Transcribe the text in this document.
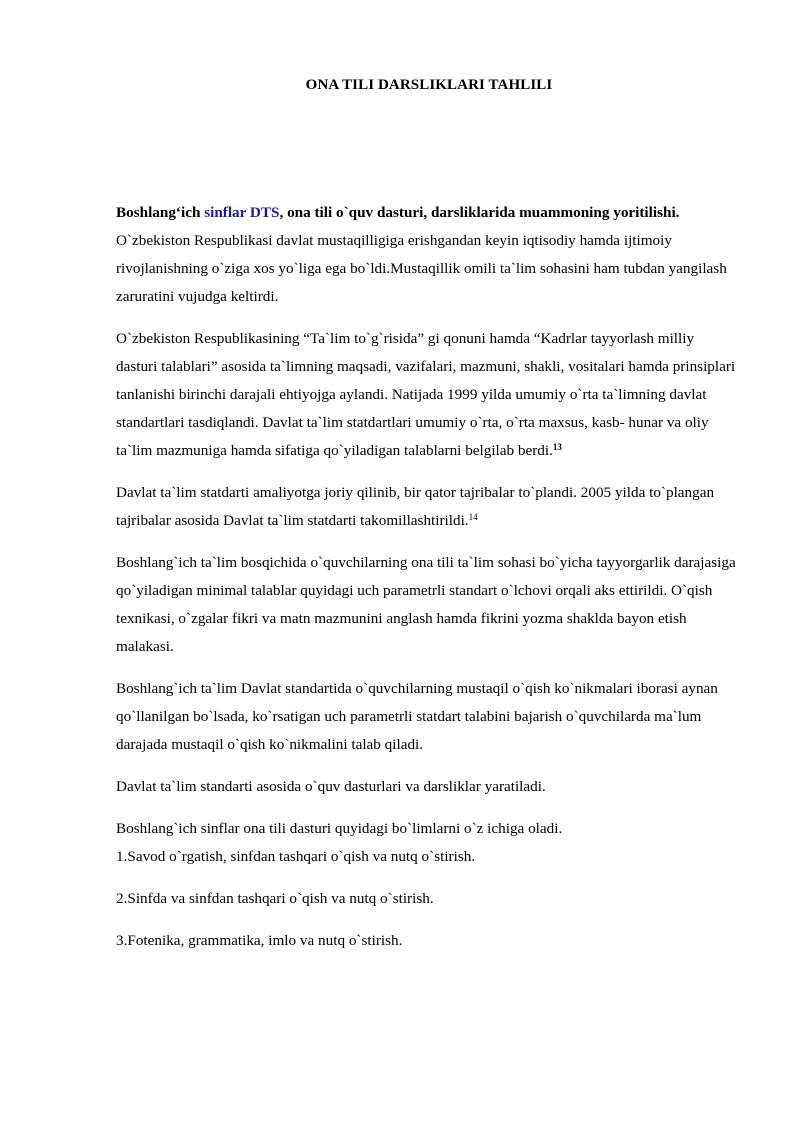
ONA TILI DARSLIKLARI TAHLILI

Boshlang‘ich sinflar DTS, ona tili o`quv dasturi, darsliklarida muammoning yoritilishi.

O`zbekiston Respublikasi davlat mustaqilligiga erishgandan keyin iqtisodiy hamda ijtimoiy rivojlanishning o`ziga xos yo`liga ega bo`ldi.Mustaqillik omili ta`lim sohasini ham tubdan yangilash zaruratini vujudga keltirdi.

O`zbekiston Respublikasining “Ta`lim to`g`risida” gi qonuni hamda “Kadrlar tayyorlash milliy dasturi talablari” asosida ta`limning maqsadi, vazifalari, mazmuni, shakli, vositalari hamda prinsiplari tanlanishi birinchi darajali ehtiyojga aylandi. Natijada 1999 yilda umumiy o`rta ta`limning davlat standartlari tasdiqlandi. Davlat ta`lim statdartlari umumiy o`rta, o`rta maxsus, kasb- hunar va oliy ta`lim mazmuniga hamda sifatiga qo`yiladigan talablarni belgilab berdi.$^{13}$

Davlat ta`lim statdarti amaliyotga joriy qilinib, bir qator tajribalar to`plandi. 2005 yilda to`plangan tajribalar asosida Davlat ta`lim statdarti takomillashtirildi.$^{14}$

Boshlang`ich ta`lim bosqichida o`quvchilarning ona tili ta`lim sohasi bo`yicha tayyorgarlik darajasiga qo`yiladigan minimal talablar quyidagi uch parametrli standart o`lchovi orqali aks ettirildi. O`qish texnikasi, o`zgalar fikri va matn mazmunini anglash hamda fikrini yozma shaklda bayon etish malakasi.

Boshlang`ich ta`lim Davlat standartida o`quvchilarning mustaqil o`qish ko`nikmalari iborasi aynan qo`llanilgan bo`lsada, ko`rsatigan uch parametrli statdart talabini bajarish o`quvchilarda ma`lum darajada mustaqil o`qish ko`nikmalini talab qiladi.

Davlat ta`lim standarti asosida o`quv dasturlari va darsliklar yaratiladi.

Boshlang`ich sinflar ona tili dasturi quyidagi bo`limlarni o`z ichiga oladi.

1.Savod o`rgatish, sinfdan tashqari o`qish va nutq o`stirish.

2.Sinfda va sinfdan tashqari o`qish va nutq o`stirish.

3.Fotenika, grammatika, imlo va nutq o`stirish.
